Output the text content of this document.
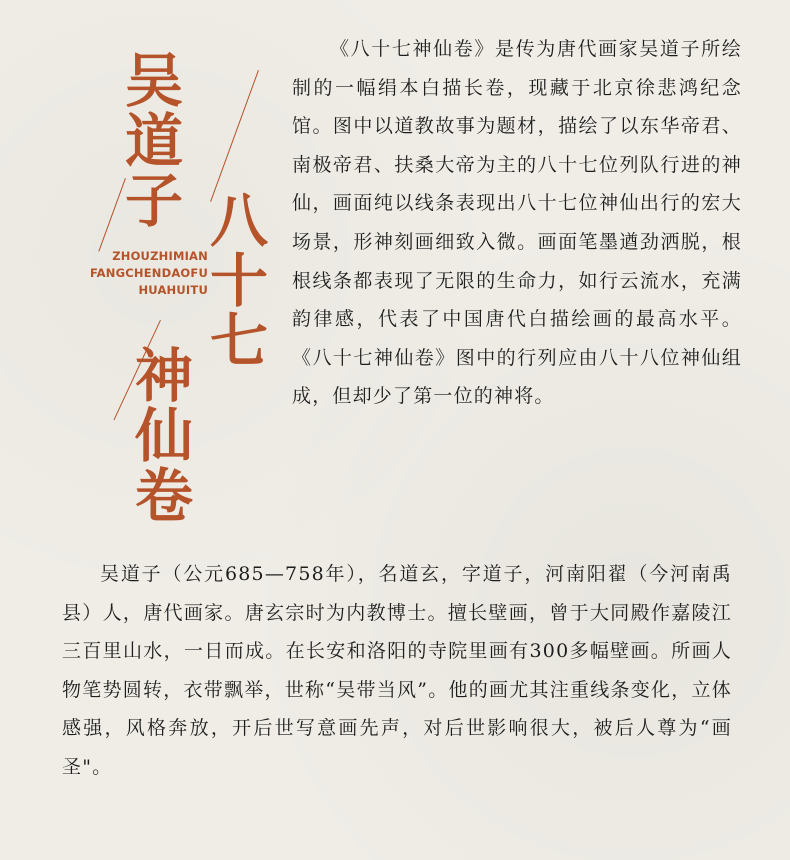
吴道子
八十七
神仙卷
ZHOUZHIMIAN
FANGCHENDAOFU
HUAHUITU

《八十七神仙卷》是传为唐代画家吴道子所绘制的一幅绢本白描长卷，现藏于北京徐悲鸿纪念馆。图中以道教故事为题材，描绘了以东华帝君、南极帝君、扶桑大帝为主的八十七位列队行进的神仙，画面纯以线条表现出八十七位神仙出行的宏大场景，形神刻画细致入微。画面笔墨遒劲洒脱，根根线条都表现了无限的生命力，如行云流水，充满韵律感，代表了中国唐代白描绘画的最高水平。《八十七神仙卷》图中的行列应由八十八位神仙组成，但却少了第一位的神将。

吴道子（公元685—758年），名道玄，字道子，河南阳翟（今河南禹县）人，唐代画家。唐玄宗时为内教博士。擅长壁画，曾于大同殿作嘉陵江三百里山水，一日而成。在长安和洛阳的寺院里画有300多幅壁画。所画人物笔势圆转，衣带飘举，世称“吴带当风”。他的画尤其注重线条变化，立体感强，风格奔放，开后世写意画先声，对后世影响很大，被后人尊为“画圣"。
